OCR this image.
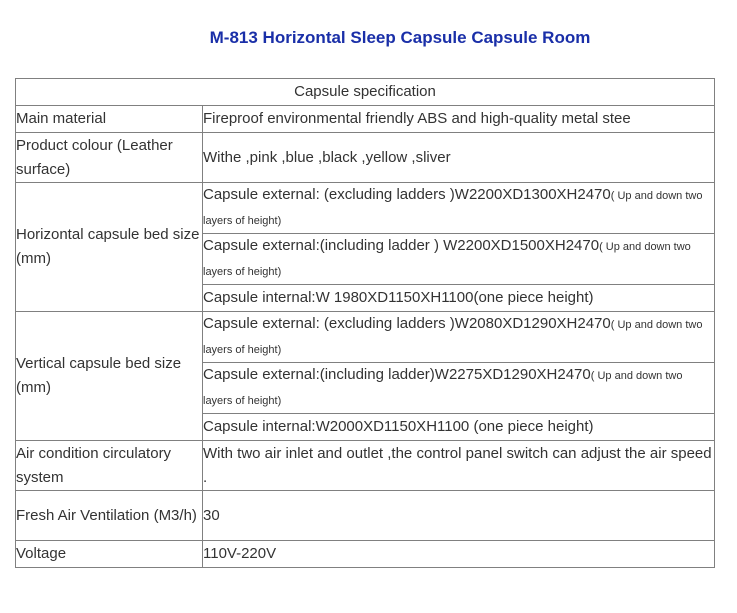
M-813 Horizontal Sleep Capsule Capsule Room
Capsule specification	
Main material	Fireproof environmental friendly ABS and high-quality metal stee
Product colour (Leather surface)	Withe ,pink ,blue ,black ,yellow ,sliver
Horizontal capsule bed size (mm)	Capsule external: (excluding ladders )W2200XD1300XH2470( Up and down two layers of height)
	Capsule external:(including ladder ) W2200XD1500XH2470( Up and down two layers of height)
	Capsule internal:W 1980XD1150XH1100(one piece height)
Vertical capsule bed size (mm)	Capsule external: (excluding ladders )W2080XD1290XH2470( Up and down two layers of height)
	Capsule external:(including ladder)W2275XD1290XH2470( Up and down two layers of height)
	Capsule internal:W2000XD1150XH1100 (one piece height)
Air condition circulatory system	With two air inlet and outlet ,the control panel switch can adjust the air speed .
Fresh Air Ventilation (M3/h)	30
Voltage	110V-220V
